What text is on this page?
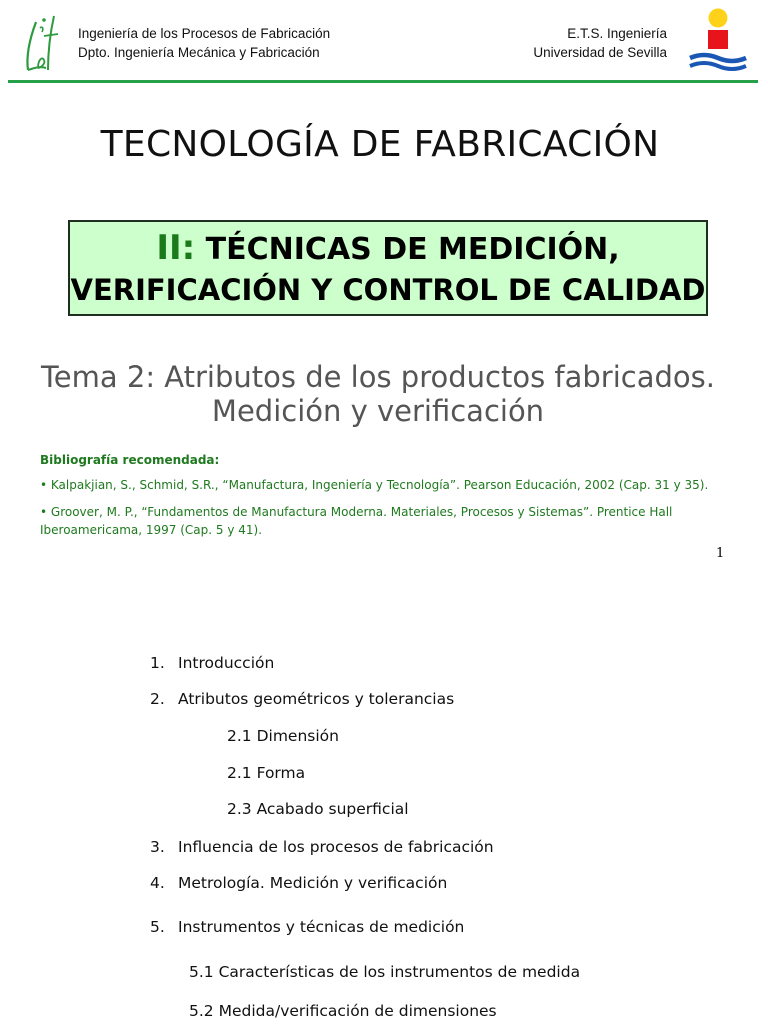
Ingeniería de los Procesos de Fabricación
Dpto. Ingeniería Mecánica y Fabricación
E.T.S. Ingeniería
Universidad de Sevilla
TECNOLOGÍA DE FABRICACIÓN
II: TÉCNICAS DE MEDICIÓN,
VERIFICACIÓN Y CONTROL DE CALIDAD
Tema 2: Atributos de los productos fabricados.
Medición y verificación
Bibliografía recomendada:
• Kalpakjian, S., Schmid, S.R., “Manufactura, Ingeniería y Tecnología”. Pearson Educación, 2002 (Cap. 31 y 35).
• Groover, M. P., “Fundamentos de Manufactura Moderna. Materiales, Procesos y Sistemas”. Prentice Hall Iberoamericama, 1997 (Cap. 5 y 41).
1
1. Introducción
2. Atributos geométricos y tolerancias
2.1 Dimensión
2.1 Forma
2.3 Acabado superficial
3. Influencia de los procesos de fabricación
4. Metrología. Medición y verificación
5. Instrumentos y técnicas de medición
5.1 Características de los instrumentos de medida
5.2 Medida/verificación de dimensiones
